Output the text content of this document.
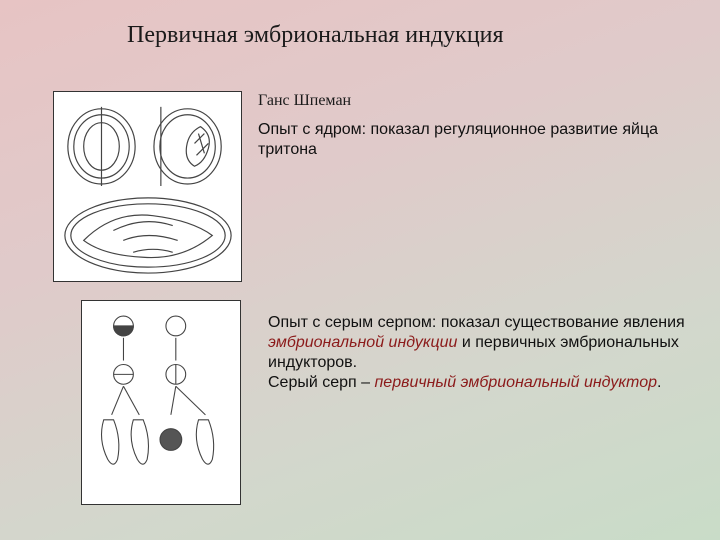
Первичная эмбриональная индукция
Ганс Шпеман
Опыт с ядром: показал регуляционное развитие яйца тритона
Опыт с серым серпом: показал существование явления эмбриональной индукции и первичных эмбриональных индукторов.
Серый серп – первичный эмбриональный индуктор.
